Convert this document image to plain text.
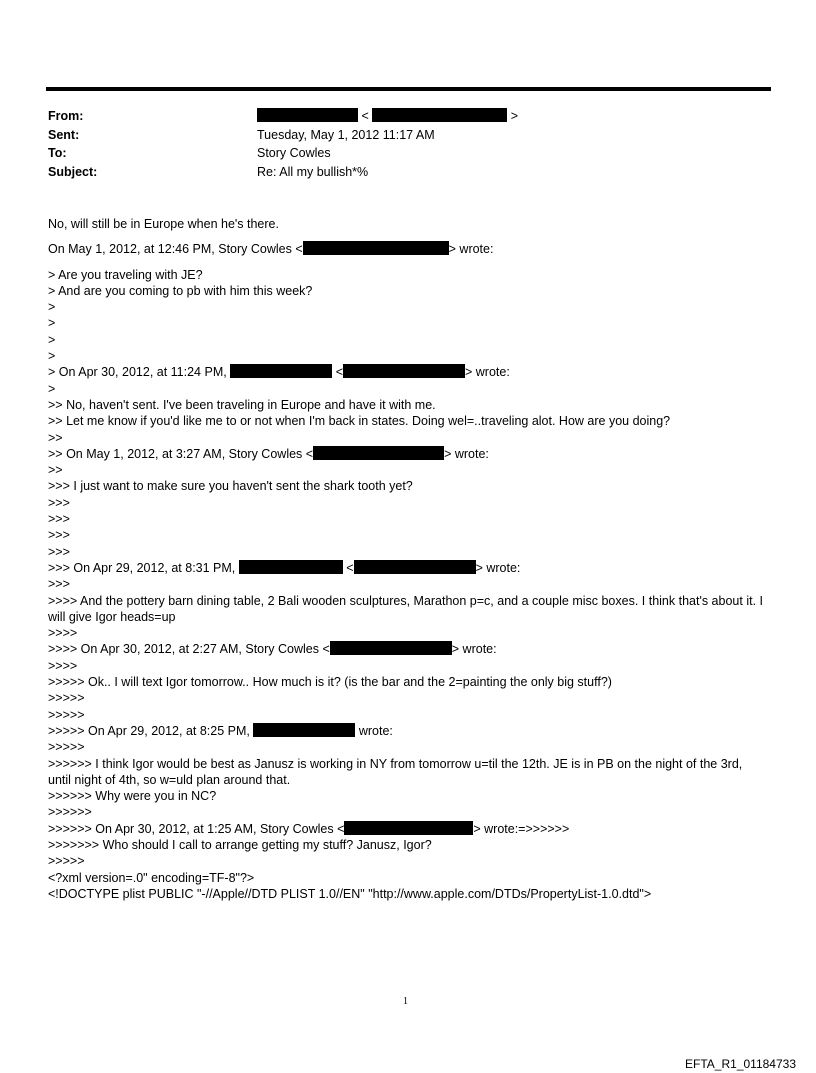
From:	<	>
Sent:	Tuesday, May 1, 2012 11:17 AM
To:	Story Cowles
Subject:	Re: All my bullish*%
No, will still be in Europe when he's there.
On May 1, 2012, at 12:46 PM, Story Cowles <	> wrote:
> Are you traveling with JE?
> And are you coming to pb with him this week?
>
>
>
>
> On Apr 30, 2012, at 11:24 PM,	<	> wrote:
>
>> No, haven't sent. I've been traveling in Europe and have it with me.
>> Let me know if you'd like me to or not when I'm back in states. Doing wel=..traveling alot. How are you doing?
>>
>> On May 1, 2012, at 3:27 AM, Story Cowles <	> wrote:
>>
>>> I just want to make sure you haven't sent the shark tooth yet?
>>>
>>>
>>>
>>>
>>> On Apr 29, 2012, at 8:31 PM,	<	> wrote:
>>>
>>>> And the pottery barn dining table, 2 Bali wooden sculptures, Marathon p=c, and a couple misc boxes. I think that's about it. I will give Igor heads=up
>>>>
>>>> On Apr 30, 2012, at 2:27 AM, Story Cowles <	> wrote:
>>>>
>>>>> Ok.. I will text Igor tomorrow.. How much is it? (is the bar and the 2=painting the only big stuff?)
>>>>>
>>>>>
>>>>> On Apr 29, 2012, at 8:25 PM,	wrote:
>>>>>
>>>>>> I think Igor would be best as Janusz is working in NY from tomorrow u=til the 12th. JE is in PB on the night of the 3rd, until night of 4th, so w=uld plan around that.
>>>>>> Why were you in NC?
>>>>>>
>>>>>> On Apr 30, 2012, at 1:25 AM, Story Cowles <	> wrote:=>>>>>>
>>>>>>> Who should I call to arrange getting my stuff? Janusz, Igor?
>>>>>
<?xml version=.0" encoding=TF-8"?>
<!DOCTYPE plist PUBLIC "-//Apple//DTD PLIST 1.0//EN" "http://www.apple.com/DTDs/PropertyList-1.0.dtd">
1
EFTA_R1_01184733
